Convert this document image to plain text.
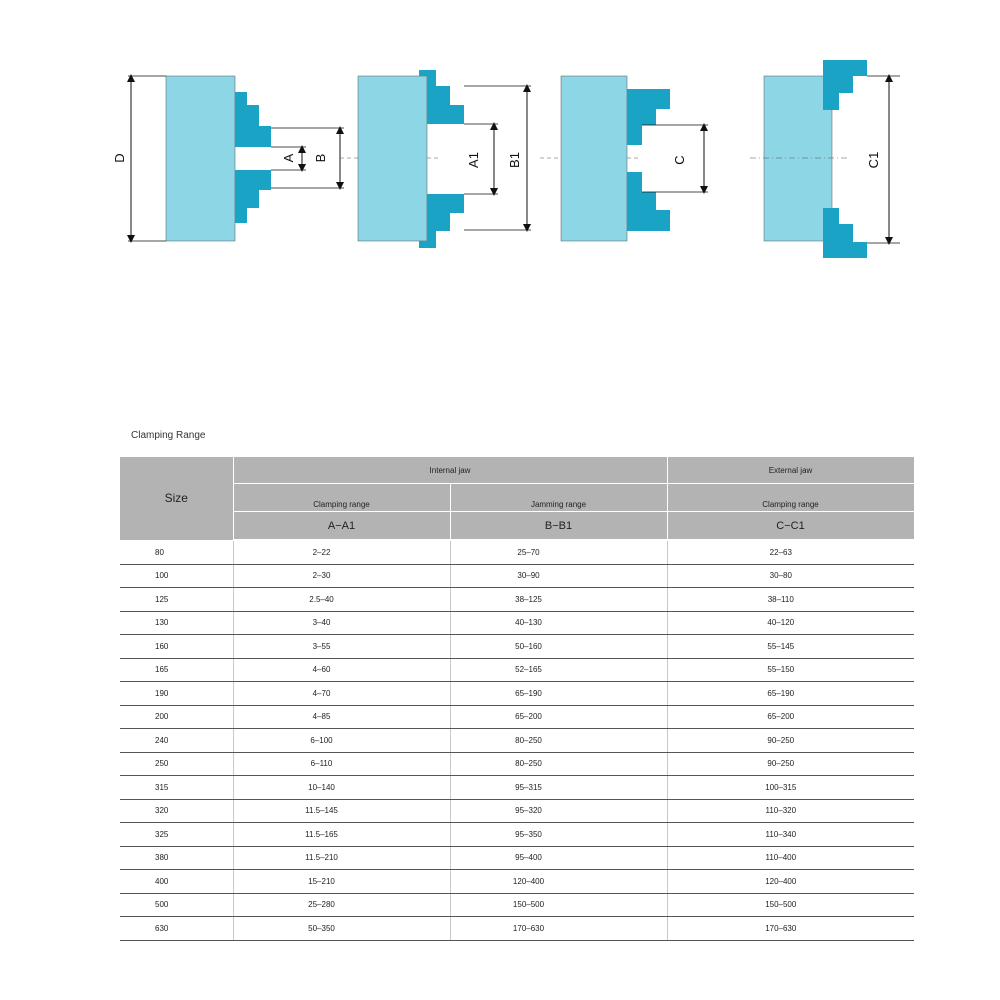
D	A B	A1 B1	C	C1
Clamping Range
Size	Internal jaw		External jaw
	Clamping range	Jamming range	Clamping range
	A−A1	B−B1	C−C1
80	2–22	25–70	22–63
100	2–30	30–90	30–80
125	2.5–40	38–125	38–110
130	3–40	40–130	40–120
160	3–55	50–160	55–145
165	4–60	52–165	55–150
190	4–70	65–190	65–190
200	4–85	65–200	65–200
240	6–100	80–250	90–250
250	6–110	80–250	90–250
315	10–140	95–315	100–315
320	11.5–145	95–320	110–320
325	11.5–165	95–350	110–340
380	11.5–210	95–400	110–400
400	15–210	120–400	120–400
500	25–280	150–500	150–500
630	50–350	170–630	170–630
